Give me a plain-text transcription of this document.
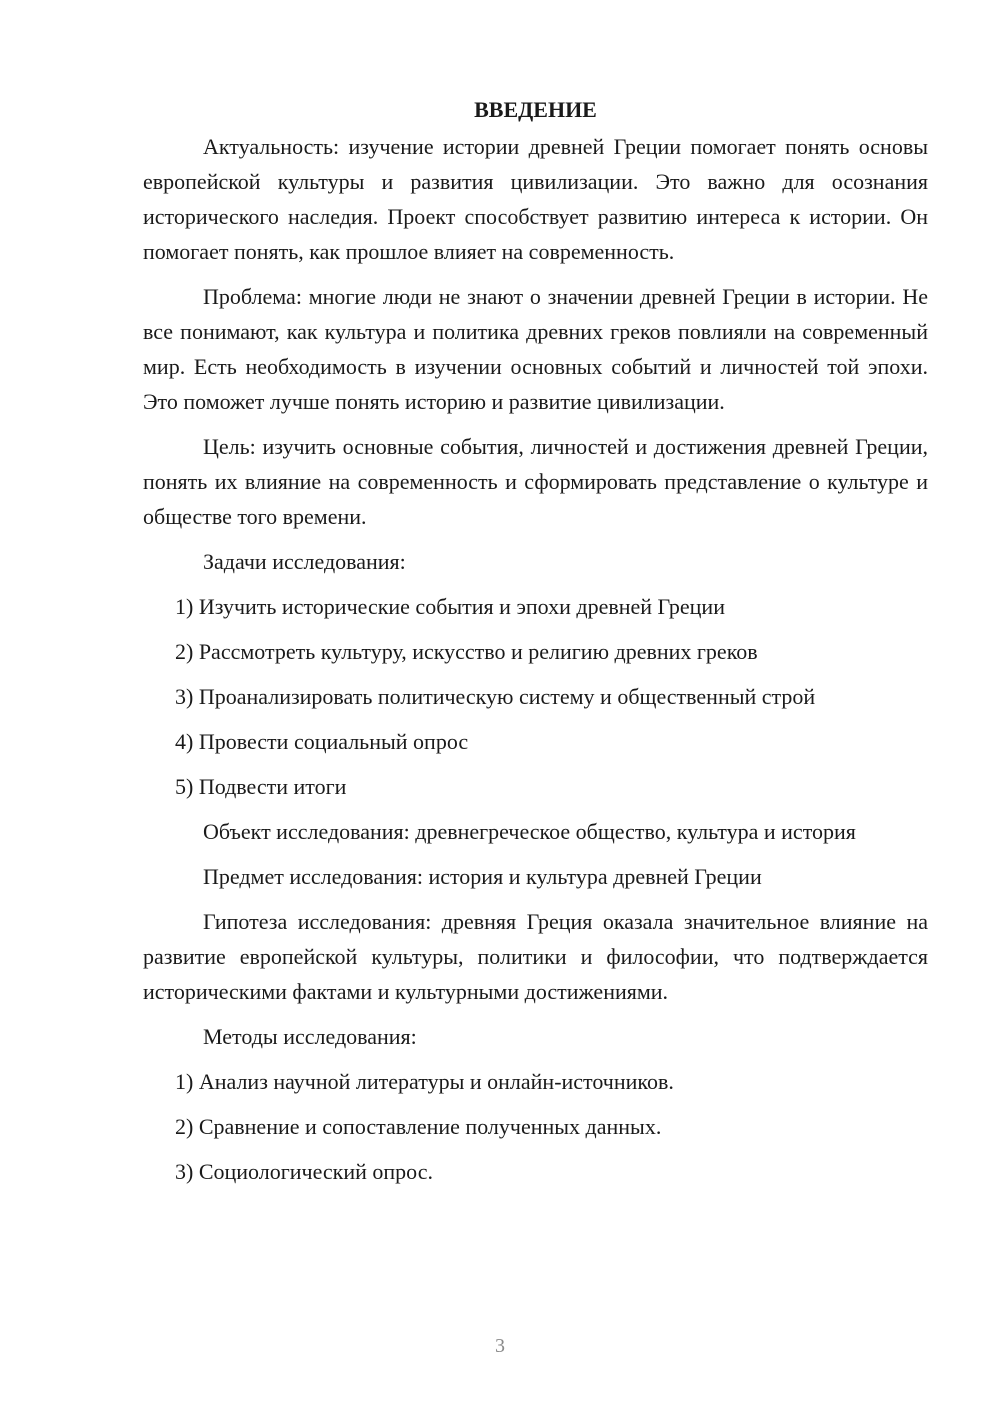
ВВЕДЕНИЕ

Актуальность: изучение истории древней Греции помогает понять основы европейской культуры и развития цивилизации. Это важно для осознания исторического наследия. Проект способствует развитию интереса к истории. Он помогает понять, как прошлое влияет на современность.

Проблема: многие люди не знают о значении древней Греции в истории. Не все понимают, как культура и политика древних греков повлияли на современный мир. Есть необходимость в изучении основных событий и личностей той эпохи. Это поможет лучше понять историю и развитие цивилизации.

Цель: изучить основные события, личностей и достижения древней Греции, понять их влияние на современность и сформировать представление о культуре и обществе того времени.

Задачи исследования:

1) Изучить исторические события и эпохи древней Греции
2) Рассмотреть культуру, искусство и религию древних греков
3) Проанализировать политическую систему и общественный строй
4) Провести социальный опрос
5) Подвести итоги

Объект исследования: древнегреческое общество, культура и история

Предмет исследования: история и культура древней Греции

Гипотеза исследования: древняя Греция оказала значительное влияние на развитие европейской культуры, политики и философии, что подтверждается историческими фактами и культурными достижениями.

Методы исследования:

1) Анализ научной литературы и онлайн-источников.
2) Сравнение и сопоставление полученных данных.
3) Социологический опрос.
3
